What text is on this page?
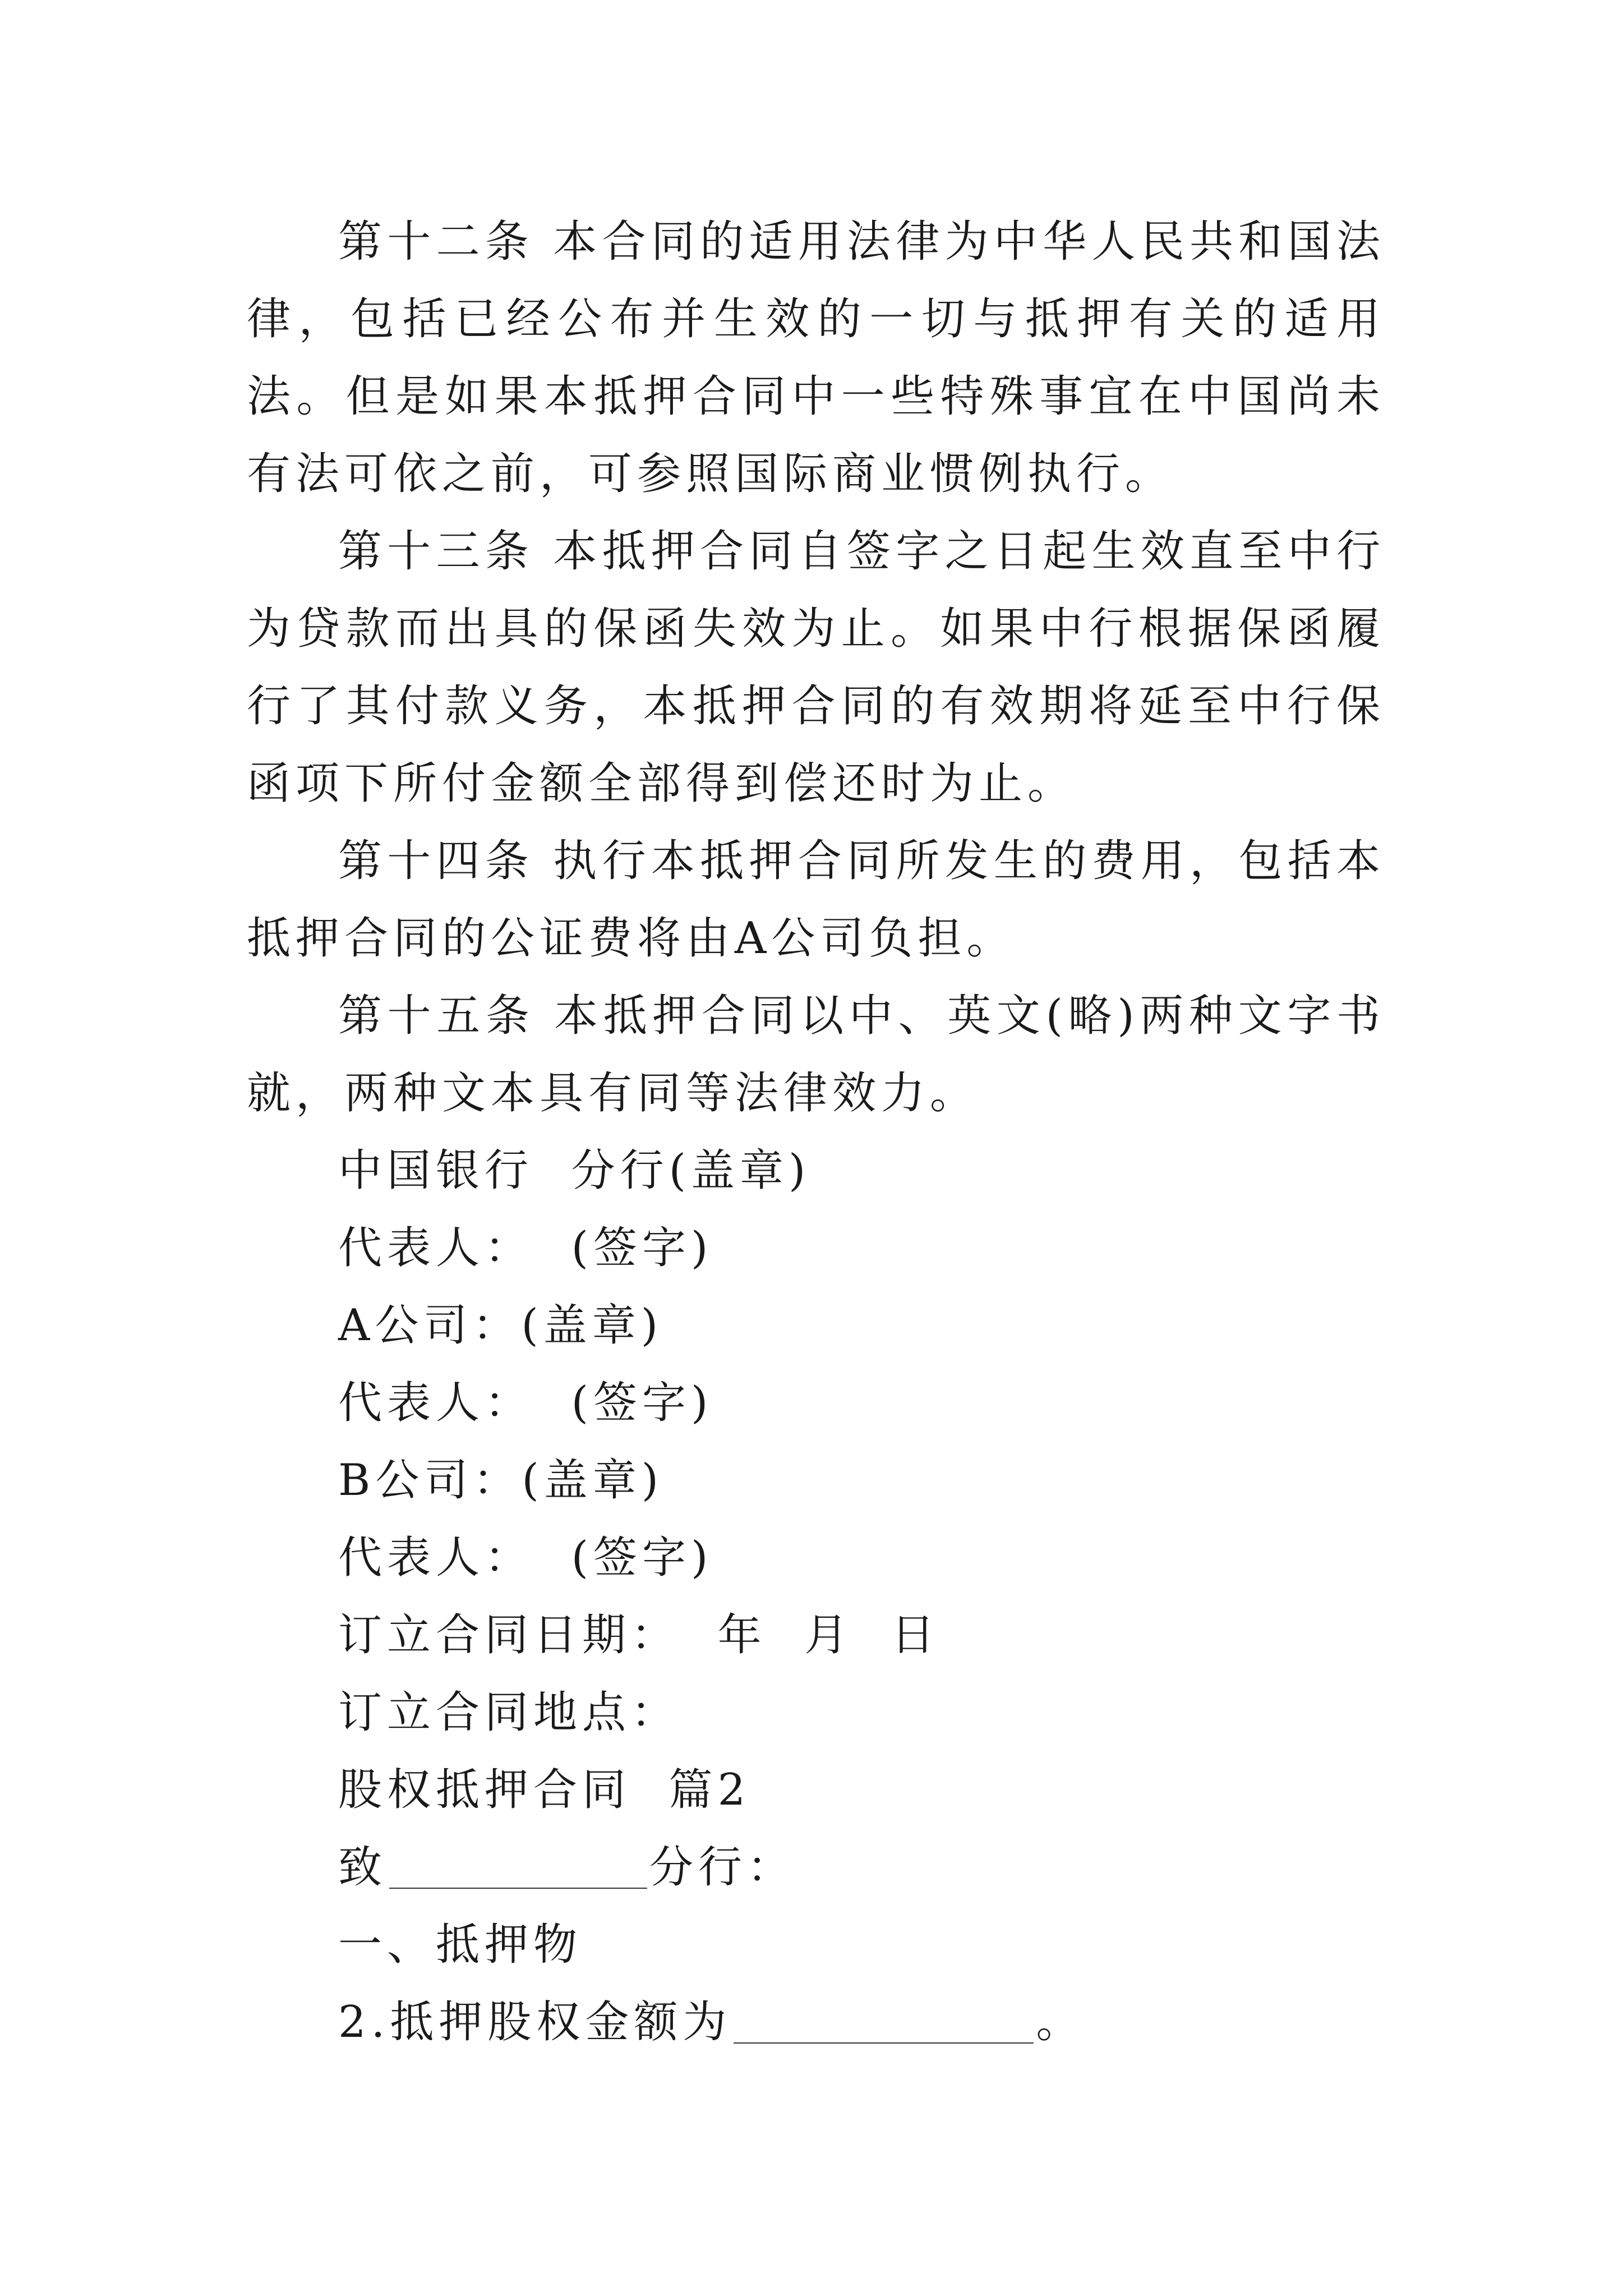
第十二条 本合同的适用法律为中华人民共和国法律，包括已经公布并生效的一切与抵押有关的适用法。但是如果本抵押合同中一些特殊事宜在中国尚未有法可依之前，可参照国际商业惯例执行。

第十三条 本抵押合同自签字之日起生效直至中行为贷款而出具的保函失效为止。如果中行根据保函履行了其付款义务，本抵押合同的有效期将延至中行保函项下所付金额全部得到偿还时为止。

第十四条 执行本抵押合同所发生的费用，包括本抵押合同的公证费将由A公司负担。

第十五条 本抵押合同以中、英文(略)两种文字书就，两种文本具有同等法律效力。

中国银行  分行(盖章)

代表人：  (签字)

A公司：(盖章)

代表人：  (签字)

B公司：(盖章)

代表人：  (签字)

订立合同日期：  年  月  日

订立合同地点：

股权抵押合同  篇2

致	分行：

一、抵押物

2.抵押股权金额为	。
